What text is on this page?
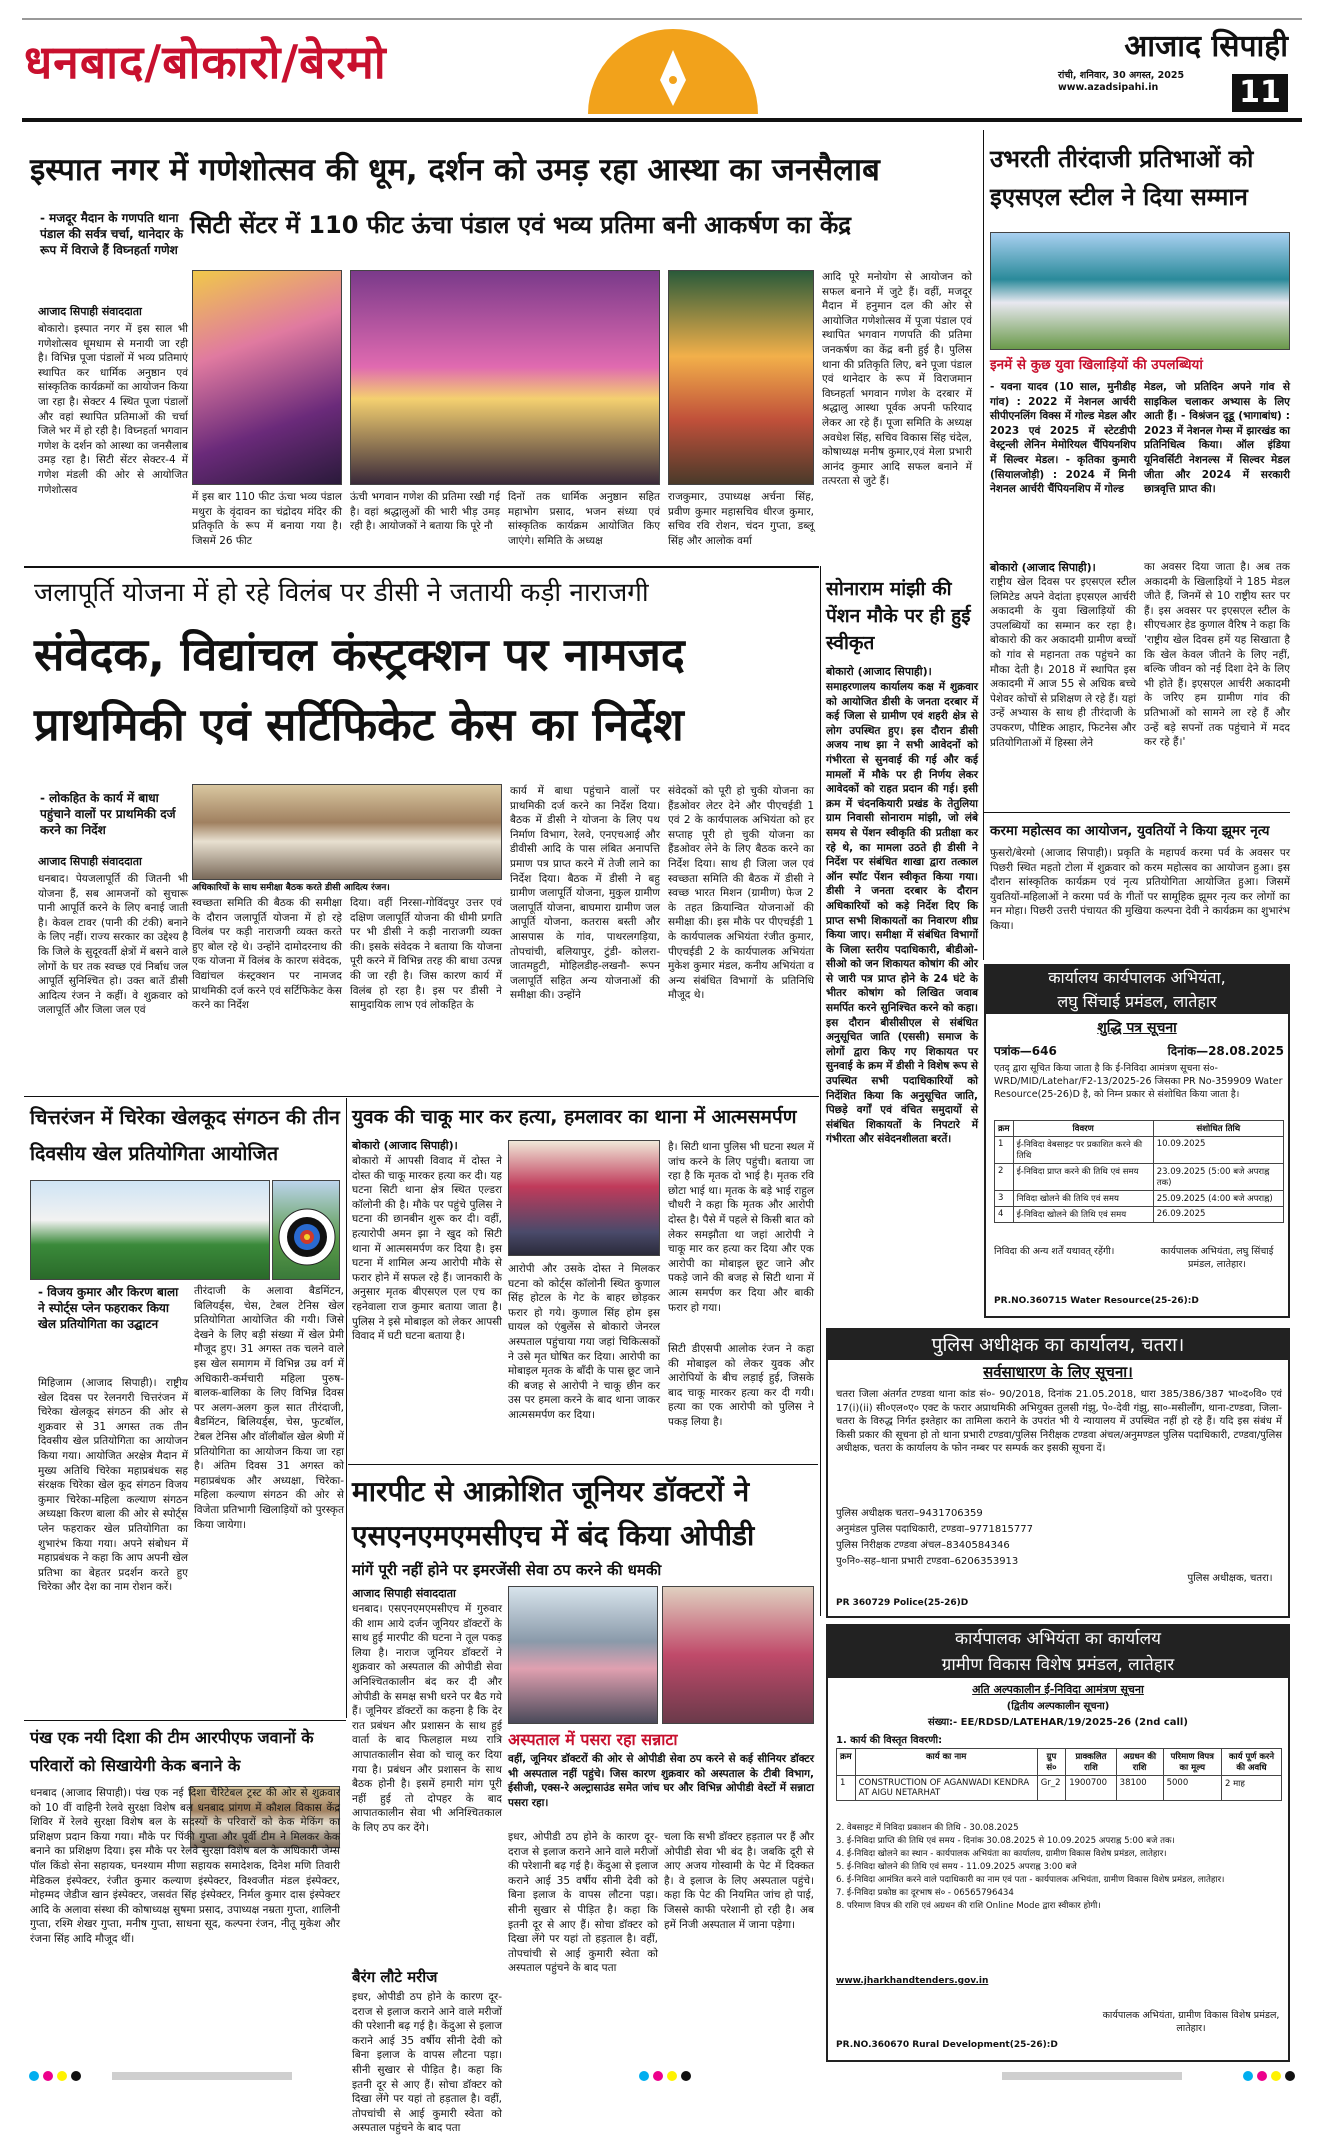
धनबाद/बोकारो/बेरमो	आजाद सिपाही
रांची, शनिवार, 30 अगस्त, 2025
www.azadsipahi.in	11
इस्पात नगर में गणेशोत्सव की धूम, दर्शन को उमड़ रहा आस्था का जनसैलाब
सिटी सेंटर में 110 फीट ऊंचा पंडाल एवं भव्य प्रतिमा बनी आकर्षण का केंद्र
- मजदूर मैदान के गणपति थाना पंडाल की सर्वत्र चर्चा, थानेदार के रूप में विराजे हैं विघ्नहर्ता गणेश
आजाद सिपाही संवाददाता
बोकारो। इस्पात नगर में इस साल भी गणेशोत्सव धूमधाम से मनायी जा रही है। विभिन्न पूजा पंडालों में भव्य प्रतिमाएं स्थापित कर धार्मिक अनुष्ठान एवं सांस्कृतिक कार्यक्रमों का आयोजन किया जा रहा है। सेक्टर 4 स्थित पूजा पंडालों और वहां स्थापित प्रतिमाओं की चर्चा जिले भर में हो रही है। विघ्नहर्ता भगवान गणेश के दर्शन को आस्था का जनसैलाब उमड़ रहा है। सिटी सेंटर सेक्टर-4 में गणेश मंडली की ओर से आयोजित गणेशोत्सव
में इस बार 110 फीट ऊंचा भव्य पंडाल मथुरा के वृंदावन का चंद्रोदय मंदिर की प्रतिकृति के रूप में बनाया गया है। जिसमें 26 फीट
ऊंची भगवान गणेश की प्रतिमा रखी गई है। वहां श्रद्धालुओं की भारी भीड़ उमड़ रही है। आयोजकों ने बताया कि पूरे नौ
दिनों तक धार्मिक अनुष्ठान सहित महाभोग प्रसाद, भजन संध्या एवं सांस्कृतिक कार्यक्रम आयोजित किए जाएंगे। समिति के अध्यक्ष
राजकुमार, उपाध्यक्ष अर्चना सिंह, प्रवीण कुमार महासचिव धीरज कुमार, सचिव रवि रोशन, चंदन गुप्ता, डब्लू सिंह और आलोक वर्मा
आदि पूरे मनोयोग से आयोजन को सफल बनाने में जुटे हैं। वहीं, मजदूर मैदान में हनुमान दल की ओर से आयोजित गणेशोत्सव में पूजा पंडाल एवं स्थापित भगवान गणपति की प्रतिमा जनकर्षण का केंद्र बनी हुई है। पुलिस थाना की प्रतिकृति लिए, बने पूजा पंडाल एवं थानेदार के रूप में विराजमान विघ्नहर्ता भगवान गणेश के दरबार में श्रद्धालु आस्था पूर्वक अपनी फरियाद लेकर आ रहे हैं। पूजा समिति के अध्यक्ष अवधेश सिंह, सचिव विकास सिंह चंदेल, कोषाध्यक्ष मनीष कुमार,एवं मेला प्रभारी आनंद कुमार आदि सफल बनाने में तत्परता से जुटे हैं।
उभरती तीरंदाजी प्रतिभाओं को इएसएल स्टील ने दिया सम्मान
इनमें से कुछ युवा खिलाड़ियों की उपलब्धियां
- यवना यादव (10 साल, मुनीडीह गांव) : 2022 में नेशनल आर्चरी सीपीएनलिंग विक्स में गोल्ड मेडल और 2023 एवं 2025 में स्टेटडीपी वेस्ट्रन्ली लेनिन मेमोरियल चैंपियनशिप में सिल्वर मेडल। - कृतिका कुमारी (सियालजोड़ी) : 2024 में मिनी नेशनल आर्चरी चैंपियनशिप में गोल्ड
मेडल, जो प्रतिदिन अपने गांव से साइकिल चलाकर अभ्यास के लिए आती हैं। - विश्रंजन दूडू (भागाबांध) : 2023 में नेशनल गेम्स में झारखंड का प्रतिनिधित्व किया। ऑल इंडिया यूनिवर्सिटी नेशनल्स में सिल्वर मेडल जीता और 2024 में सरकारी छात्रवृत्ति प्राप्त की।
बोकारो (आजाद सिपाही)।
राष्ट्रीय खेल दिवस पर इएसएल स्टील लिमिटेड अपने वेदांता इएसएल आर्चरी अकादमी के युवा खिलाड़ियों की उपलब्धियों का सम्मान कर रहा है। बोकारो की कर अकादमी ग्रामीण बच्चों को गांव से महानता तक पहुंचने का मौका देती है। 2018 में स्थापित इस अकादमी में आज 55 से अधिक बच्चे पेशेवर कोचों से प्रशिक्षण ले रहे हैं। यहां उन्हें अभ्यास के साथ ही तीरंदाजी के उपकरण, पौष्टिक आहार, फिटनेस और प्रतियोगिताओं में हिस्सा लेने
का अवसर दिया जाता है। अब तक अकादमी के खिलाड़ियों ने 185 मेडल जीते हैं, जिनमें से 10 राष्ट्रीय स्तर पर हैं। इस अवसर पर इएसएल स्टील के सीएचआर हेड कुणाल वैरिष ने कहा कि 'राष्ट्रीय खेल दिवस हमें यह सिखाता है कि खेल केवल जीतने के लिए नहीं, बल्कि जीवन को नई दिशा देने के लिए भी होते हैं। इएसएल आर्चरी अकादमी के जरिए हम ग्रामीण गांव की प्रतिभाओं को सामने ला रहे हैं और उन्हें बड़े सपनों तक पहुंचाने में मदद कर रहे हैं।'
जलापूर्ति योजना में हो रहे विलंब पर डीसी ने जतायी कड़ी नाराजगी
संवेदक, विद्यांचल कंस्ट्रक्शन पर नामजद प्राथमिकी एवं सर्टिफिकेट केस का निर्देश
- लोकहित के कार्य में बाधा पहुंचाने वालों पर प्राथमिकी दर्ज करने का निर्देश
आजाद सिपाही संवाददाता
धनबाद। पेयजलापूर्ति की जितनी भी योजना हैं, सब आमजनों को सुचारू पानी आपूर्ति करने के लिए बनाई जाती है। केवल टावर (पानी की टंकी) बनाने के लिए नहीं। राज्य सरकार का उद्देश्य है कि जिले के सुदूरवर्ती क्षेत्रों में बसने वाले लोगों के घर तक स्वच्छ एवं निर्बाध जल आपूर्ति सुनिश्चित हो। उक्त बातें डीसी आदित्य रंजन ने कहीं। वे शुक्रवार को जलापूर्ति और जिला जल एवं
अधिकारियों के साथ समीक्षा बैठक करते डीसी आदित्य रंजन।
स्वच्छता समिति की बैठक की समीक्षा के दौरान जलापूर्ति योजना में हो रहे विलंब पर कड़ी नाराजगी व्यक्त करते हुए बोल रहे थे। उन्होंने दामोदरनाथ की एक योजना में विलंब के कारण संवेदक, विद्यांचल कंस्ट्रक्शन पर नामजद प्राथमिकी दर्ज करने एवं सर्टिफिकेट केस करने का निर्देश
दिया। वहीं निरसा-गोविंदपुर उत्तर एवं दक्षिण जलापूर्ति योजना की धीमी प्रगति पर भी डीसी ने कड़ी नाराजगी व्यक्त की। इसके संवेदक ने बताया कि योजना पूरी करने में विभिन्न तरह की बाधा उत्पन्न की जा रही है। जिस कारण कार्य में विलंब हो रहा है। इस पर डीसी ने सामुदायिक लाभ एवं लोकहित के
कार्य में बाधा पहुंचाने वालों पर प्राथमिकी दर्ज करने का निर्देश दिया। बैठक में डीसी ने योजना के लिए पथ निर्माण विभाग, रेलवे, एनएचआई और डीवीसी आदि के पास लंबित अनापत्ति प्रमाण पत्र प्राप्त करने में तेजी लाने का निर्देश दिया। बैठक में डीसी ने बहु ग्रामीण जलापूर्ति योजना, मुकुल ग्रामीण जलापूर्ति योजना, बाघमारा ग्रामीण जल आपूर्ति योजना, कतरास बस्ती और आसपास के गांव, पाथरलगड़िया, तोपचांची, बलियापुर, टुंडी- कोलरा-जातमहुटी, मोहिलडीह-लखनौ- रूपन जलापूर्ति सहित अन्य योजनाओं की समीक्षा की। उन्होंने
संवेदकों को पूरी हो चुकी योजना का हैंडओवर लेटर देने और पीएचईडी 1 एवं 2 के कार्यपालक अभियंता को हर सप्ताह पूरी हो चुकी योजना का हैंडओवर लेने के लिए बैठक करने का निर्देश दिया। साथ ही जिला जल एवं स्वच्छता समिति की बैठक में डीसी ने स्वच्छ भारत मिशन (ग्रामीण) फेज 2 के तहत क्रियान्वित योजनाओं की समीक्षा की। इस मौके पर पीएचईडी 1 के कार्यपालक अभियंता रंजीत कुमार, पीएचईडी 2 के कार्यपालक अभियंता मुकेश कुमार मंडल, कनीय अभियंता व अन्य संबंधित विभागों के प्रतिनिधि मौजूद थे।
सोनाराम मांझी की पेंशन मौके पर ही हुई स्वीकृत
बोकारो (आजाद सिपाही)।
समाहरणालय कार्यालय कक्ष में शुक्रवार को आयोजित डीसी के जनता दरबार में कई जिला से ग्रामीण एवं शहरी क्षेत्र से लोग उपस्थित हुए। इस दौरान डीसी अजय नाथ झा ने सभी आवेदनों को गंभीरता से सुनवाई की गई और कई मामलों में मौके पर ही निर्णय लेकर आवेदकों को राहत प्रदान की गई। इसी क्रम में चंदनकियारी प्रखंड के तेतुलिया ग्राम निवासी सोनाराम मांझी, जो लंबे समय से पेंशन स्वीकृति की प्रतीक्षा कर रहे थे, का मामला उठते ही डीसी ने निर्देश पर संबंधित शाखा द्वारा तत्काल ऑन स्पॉट पेंशन स्वीकृत किया गया। डीसी ने जनता दरबार के दौरान अधिकारियों को कड़े निर्देश दिए कि प्राप्त सभी शिकायतों का निवारण शीघ्र किया जाए। समीक्षा में संबंधित विभागों के जिला स्तरीय पदाधिकारी, बीडीओ-सीओ को जन शिकायत कोषांग की ओर से जारी पत्र प्राप्त होने के 24 घंटे के भीतर कोषांग को लिखित जवाब समर्पित करने सुनिश्चित करने को कहा। इस दौरान बीसीसीएल से संबंधित अनुसूचित जाति (एससी) समाज के लोगों द्वारा किए गए शिकायत पर सुनवाई के क्रम में डीसी ने विशेष रूप से उपस्थित सभी पदाधिकारियों को निर्देशित किया कि अनुसूचित जाति, पिछड़े वर्गों एवं वंचित समुदायों से संबंधित शिकायतों के निपटारे में गंभीरता और संवेदनशीलता बरतें।
करमा महोत्सव का आयोजन, युवतियों ने किया झूमर नृत्य
फुसरो/बेरमो (आजाद सिपाही)। प्रकृति के महापर्व करमा पर्व के अवसर पर पिछरी स्थित महतो टोला में शुक्रवार को करम महोत्सव का आयोजन हुआ। इस दौरान सांस्कृतिक कार्यक्रम एवं नृत्य प्रतियोगिता आयोजित हुआ। जिसमें युवतियों-महिलाओं ने करमा पर्व के गीतों पर सामूहिक झूमर नृत्य कर लोगों का मन मोहा। पिछरी उत्तरी पंचायत की मुखिया कल्पना देवी ने कार्यक्रम का शुभारंभ किया।
कार्यालय कार्यपालक अभियंता,
लघु सिंचाई प्रमंडल, लातेहार
शुद्धि पत्र सूचना
पत्रांक—646	दिनांक—28.08.2025
एतद् द्वारा सूचित किया जाता है कि ई-निविदा आमंत्रण सूचना सं०- WRD/MID/Latehar/F2-13/2025-26 जिसका PR No-359909 Water Resource(25-26)D है, को निम्न प्रकार से संशोधित किया जाता है।
क्रम	विवरण	संशोधित तिथि
1	ई-निविदा वेबसाइट पर प्रकाशित करने की तिथि	10.09.2025
2	ई-निविदा प्राप्त करने की तिथि एवं समय	23.09.2025 (5:00 बजे अपराह्न तक)
3	निविदा खोलने की तिथि एवं समय	25.09.2025 (4:00 बजे अपराह्न)
4	ई-निविदा खोलने की तिथि एवं समय	26.09.2025
निविदा की अन्य शर्तें यथावत् रहेंगी।	कार्यपालक अभियंता, लघु सिंचाई प्रमंडल, लातेहार।
PR.NO.360715 Water Resource(25-26):D
चित्तरंजन में चिरेका खेलकूद संगठन की तीन दिवसीय खेल प्रतियोगिता आयोजित
- विजय कुमार और किरण बाला ने स्पोर्ट्स प्लेन फहराकर किया खेल प्रतियोगिता का उद्घाटन
मिहिजाम (आजाद सिपाही)। राष्ट्रीय खेल दिवस पर रेलनगरी चित्तरंजन में चिरेका खेलकूद संगठन की ओर से शुक्रवार से 31 अगस्त तक तीन दिवसीय खेल प्रतियोगिता का आयोजन किया गया। आयोजित अरक्षेत्र मैदान में मुख्य अतिथि चिरेका महाप्रबंधक सह संरक्षक चिरेका खेल कूद संगठन विजय कुमार चिरेका-महिला कल्याण संगठन अध्यक्षा किरण बाला की ओर से स्पोर्ट्स प्लेन फहराकर खेल प्रतियोगिता का शुभारंभ किया गया। अपने संबोधन में महाप्रबंधक ने कहा कि आप अपनी खेल प्रतिभा का बेहतर प्रदर्शन करते हुए चिरेका और देश का नाम रोशन करें।
तीरंदाजी के अलावा बैडमिंटन, बिलियर्ड्स, चेस, टेबल टेनिस खेल प्रतियोगिता आयोजित की गयी। जिसे देखने के लिए बड़ी संख्या में खेल प्रेमी मौजूद हुए। 31 अगस्त तक चलने वाले इस खेल समागम में विभिन्न उम्र वर्ग में अधिकारी-कर्मचारी महिला पुरुष-बालक-बालिका के लिए विभिन्न दिवस पर अलग-अलग कुल सात तीरंदाजी, बैडमिंटन, बिलियर्ड्स, चेस, फुटबॉल, टेबल टेनिस और वॉलीबॉल खेल श्रेणी में प्रतियोगिता का आयोजन किया जा रहा है। अंतिम दिवस 31 अगस्त को महाप्रबंधक और अध्यक्षा, चिरेका-महिला कल्याण संगठन की ओर से विजेता प्रतिभागी खिलाड़ियों को पुरस्कृत किया जायेगा।
युवक की चाकू मार कर हत्या, हमलावर का थाना में आत्मसमर्पण
बोकारो (आजाद सिपाही)।
बोकारो में आपसी विवाद में दोस्त ने दोस्त की चाकू मारकर हत्या कर दी। यह घटना सिटी थाना क्षेत्र स्थित एल्डरा कॉलोनी की है। मौके पर पहुंचे पुलिस ने घटना की छानबीन शुरू कर दी। वहीं, हत्यारोपी अमन झा ने खुद को सिटी थाना में आत्मसमर्पण कर दिया है। इस घटना में शामिल अन्य आरोपी मौके से फरार होने में सफल रहे हैं। जानकारी के अनुसार मृतक बीएसएल एल एच का रहनेवाला राज कुमार बताया जाता है। पुलिस ने इसे मोबाइल को लेकर आपसी विवाद में घटी घटना बताया है।
आरोपी और उसके दोस्त ने मिलकर घटना को कोर्ट्स कॉलोनी स्थित कुणाल सिंह होटल के गेट के बाहर छोड़कर फरार हो गये। कुणाल सिंह होम इस घायल को एंबुलेंस से बोकारो जेनरल अस्पताल पहुंचाया गया जहां चिकित्सकों ने उसे मृत घोषित कर दिया। आरोपी का मोबाइल मृतक के बाँदी के पास छूट जाने की बजह से आरोपी ने चाकू छीन कर उस पर हमला करने के बाद थाना जाकर आत्मसमर्पण कर दिया।
है। सिटी थाना पुलिस भी घटना स्थल में जांच करने के लिए पहुंची। बताया जा रहा है कि मृतक दो भाई है। मृतक रवि छोटा भाई था। मृतक के बड़े भाई राहुल चौधरी ने कहा कि मृतक और आरोपी दोस्त है। पैसे में पहले से किसी बात को लेकर समझौता था जहां आरोपी ने चाकू मार कर हत्या कर दिया और एक आरोपी का मोबाइल छूट जाने और पकड़े जाने की बजह से सिटी थाना में आत्म समर्पण कर दिया और बाकी फरार हो गया।
सिटी डीएसपी आलोक रंजन ने कहा की मोबाइल को लेकर युवक और आरोपियों के बीच लड़ाई हुई, जिसके बाद चाकू मारकर हत्या कर दी गयी। हत्या का एक आरोपी को पुलिस ने पकड़ लिया है।
मारपीट से आक्रोशित जूनियर डॉक्टरों ने एसएनएमएमसीएच में बंद किया ओपीडी
मांगें पूरी नहीं होने पर इमरजेंसी सेवा ठप करने की धमकी
आजाद सिपाही संवाददाता
धनबाद। एसएनएमएमसीएच में गुरुवार की शाम आये दर्जन जूनियर डॉक्टरों के साथ हुई मारपीट की घटना ने तूल पकड़ लिया है। नाराज जूनियर डॉक्टरों ने शुक्रवार को अस्पताल की ओपीडी सेवा अनिश्चितकालीन बंद कर दी और ओपीडी के समक्ष सभी धरने पर बैठ गये हैं। जूनियर डॉक्टरों का कहना है कि देर रात प्रबंधन और प्रशासन के साथ हुई वार्ता के बाद फिलहाल मध्य रात्रि आपातकालीन सेवा को चालू कर दिया गया है। प्रबंधन और प्रशासन के साथ बैठक होनी है। इसमें हमारी मांग पूरी नहीं हुई तो दोपहर के बाद आपातकालीन सेवा भी अनिश्चितकाल के लिए ठप कर देंगे।
बैरंग लौटे मरीज
इधर, ओपीडी ठप होने के कारण दूर-दराज से इलाज कराने आने वाले मरीजों की परेशानी बढ़ गई है। केंदुआ से इलाज कराने आई 35 वर्षीय सीनी देवी को बिना इलाज के वापस लौटना पड़ा। सीनी सुखार से पीड़ित है। कहा कि इतनी दूर से आए हैं। सोचा डॉक्टर को दिखा लेंगे पर यहां तो हड़ताल है। वहीं, तोपचांची से आई कुमारी स्वेता को अस्पताल पहुंचने के बाद पता
अस्पताल में पसरा रहा सन्नाटा
वहीं, जूनियर डॉक्टरों की ओर से ओपीडी सेवा ठप करने से कई सीनियर डॉक्टर भी अस्पताल नहीं पहुंचे। जिस कारण शुक्रवार को अस्पताल के टीबी विभाग, ईसीजी, एक्स-रे अल्ट्रासाउंड समेत जांच घर और विभिन्न ओपीडी वेस्टों में सन्नाटा पसरा रहा।
इधर, ओपीडी ठप होने के कारण दूर-दराज से इलाज कराने आने वाले मरीजों की परेशानी बढ़ गई है। केंदुआ से इलाज कराने आई 35 वर्षीय सीनी देवी को बिना इलाज के वापस लौटना पड़ा। सीनी सुखार से पीड़ित है। कहा कि इतनी दूर से आए हैं। सोचा डॉक्टर को दिखा लेंगे पर यहां तो हड़ताल है। वहीं, तोपचांची से आई कुमारी स्वेता को अस्पताल पहुंचने के बाद पता
चला कि सभी डॉक्टर हड़ताल पर हैं और ओपीडी सेवा भी बंद है। जबकि दूरी से आए अजय गोस्वामी के पेट में दिक्कत है। वे इलाज के लिए अस्पताल पहुंचे। कहा कि पेट की नियमित जांच हो पाई, जिससे काफी परेशानी हो रही है। अब हमें निजी अस्पताल में जाना पड़ेगा।
पंख एक नयी दिशा की टीम आरपीएफ जवानों के परिवारों को सिखायेगी केक बनाने के
धनबाद (आजाद सिपाही)। पंख एक नई दिशा चैरिटेबल ट्रस्ट की ओर से शुक्रवार को 10 वीं वाहिनी रेलवे सुरक्षा विशेष बल धनबाद प्रांगण में कौशल विकास केंद्र शिविर में रेलवे सुरक्षा विशेष बल के सदस्यों के परिवारों को केक मेकिंग का प्रशिक्षण प्रदान किया गया। मौके पर पिंकी गुप्ता और पूर्वी टीम ने मिलकर केक बनाने का प्रशिक्षण दिया। इस मौके पर रेलवे सुरक्षा विशेष बल के अधिकारी जेम्स पॉल किंडो सेना सहायक, घनश्याम मीणा सहायक समादेशक, दिनेश मणि तिवारी मेडिकल इंस्पेक्टर, रंजीत कुमार कल्याण इंस्पेक्टर, विश्वजीत मंडल इंस्पेक्टर, मोहम्मद जेडीज खान इंस्पेक्टर, जसवंत सिंह इंस्पेक्टर, निर्मल कुमार दास इंस्पेक्टर आदि के अलावा संस्था की कोषाध्यक्ष सुषमा प्रसाद, उपाध्यक्ष नम्रता गुप्ता, शालिनी गुप्ता, रश्मि शेखर गुप्ता, मनीष गुप्ता, साधना सूद, कल्पना रंजन, नीतू मुकेश और रंजना सिंह आदि मौजूद थीं।
पुलिस अधीक्षक का कार्यालय, चतरा।
सर्वसाधारण के लिए सूचना।
चतरा जिला अंतर्गत टण्डवा थाना कांड सं०- 90/2018, दिनांक 21.05.2018, धारा 385/386/387 भा०द०वि० एवं 17(i)(ii) सी०एल०ए० एक्ट के फरार अप्राथमिकी अभियुक्त तुलसी गंझु, पे०-देवी गंझु, सा०-मसीलौंग, थाना-टण्डवा, जिला-चतरा के विरुद्ध निर्गत इश्तेहार का तामिला कराने के उपरांत भी ये न्यायालय में उपस्थित नहीं हो रहे हैं। यदि इस संबंध में किसी प्रकार की सूचना हो तो थाना प्रभारी टण्डवा/पुलिस निरीक्षक टण्डवा अंचल/अनुमण्डल पुलिस पदाधिकारी, टण्डवा/पुलिस अधीक्षक, चतरा के कार्यालय के फोन नम्बर पर सम्पर्क कर इसकी सूचना दें।
पुलिस अधीक्षक चतरा–9431706359
अनुमंडल पुलिस पदाधिकारी, टण्डवा–9771815777
पुलिस निरीक्षक टण्डवा अंचल–8340584346
पु०नि०-सह–थाना प्रभारी टण्डवा–6206353913
पुलिस अधीक्षक, चतरा।
PR 360729 Police(25-26)D
कार्यपालक अभियंता का कार्यालय
ग्रामीण विकास विशेष प्रमंडल, लातेहार
अति अल्पकालीन ई-निविदा आमंत्रण सूचना
(द्वितीय अल्पकालीन सूचना)
संख्या:- EE/RDSD/LATEHAR/19/2025-26 (2nd call)
1. कार्य की विस्तृत विवरणी:
क्रम	कार्य का नाम	ग्रुप सं०	प्राक्कलित राशि	अग्रधन की राशि	परिमाण विपत्र का मूल्य	कार्य पूर्ण करने की अवधि
1	CONSTRUCTION OF AGANWADI KENDRA AT AIGU NETARHAT	Gr_2	1900700	38100	5000	2 माह
2. वेबसाइट में निविदा प्रकाशन की तिथि - 30.08.2025
3. ई-निविदा प्राप्ति की तिथि एवं समय - दिनांक 30.08.2025 से 10.09.2025 अपराह्न 5:00 बजे तक।
4. ई-निविदा खोलने का स्थान - कार्यपालक अभियंता का कार्यालय, ग्रामीण विकास विशेष प्रमंडल, लातेहार।
5. ई-निविदा खोलने की तिथि एवं समय - 11.09.2025 अपराह्न 3:00 बजे
6. ई-निविदा आमंत्रित करने वाले पदाधिकारी का नाम एवं पता - कार्यपालक अभियंता, ग्रामीण विकास विशेष प्रमंडल, लातेहार।
7. ई-निविदा प्रकोष्ठ का दूरभाष सं० - 06565796434
8. परिमाण विपत्र की राशि एवं अग्रधन की राशि Online Mode द्वारा स्वीकार होगी।
www.jharkhandtenders.gov.in
कार्यपालक अभियंता, ग्रामीण विकास विशेष प्रमंडल, लातेहार।
PR.NO.360670 Rural Development(25-26):D
